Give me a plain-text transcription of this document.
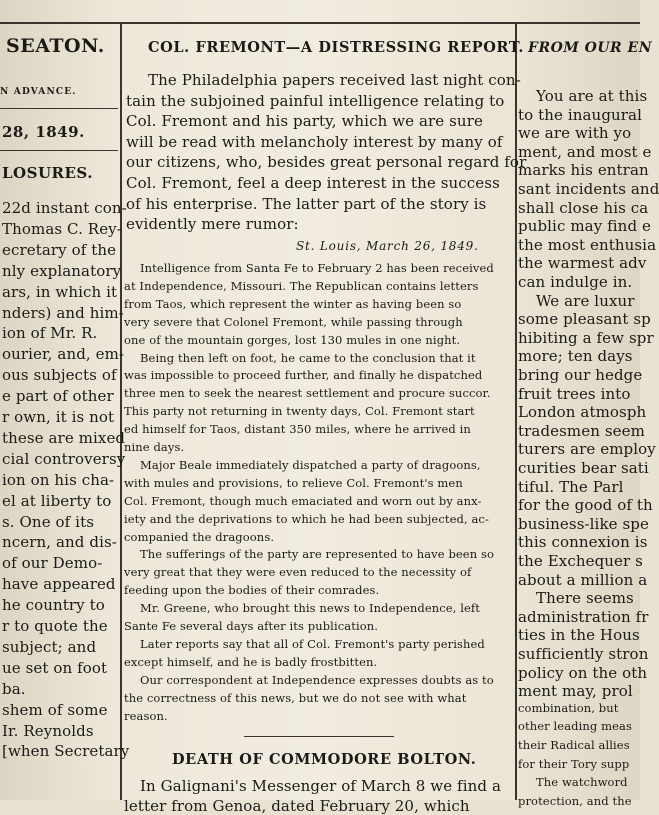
SEATON.
N ADVANCE.
28, 1849.
LOSURES.
22d instant con-
Thomas C. Rey-
ecretary of the
nly explanatory
ars, in which it
nders) and him-
ion of Mr. R.
ourier, and, em-
ous subjects of
e part of other
r own, it is not
these are mixed
cial controversy
ion on his cha-
el at liberty to
s. One of its
ncern, and dis-
of our Demo-
have appeared
he country to
r to quote the
subject; and
ue set on foot
ba.
shem of some
Ir. Reynolds
[when Secretary
COL. FREMONT—A DISTRESSING REPORT.
The Philadelphia papers received last night con-
tain the subjoined painful intelligence relating to
Col. Fremont and his party, which we are sure
will be read with melancholy interest by many of
our citizens, who, besides great personal regard for
Col. Fremont, feel a deep interest in the success
of his enterprise. The latter part of the story is
evidently mere rumor:
St. Louis, March 26, 1849.
Intelligence from Santa Fe to February 2 has been received
at Independence, Missouri. The Republican contains letters
from Taos, which represent the winter as having been so
very severe that Colonel Fremont, while passing through
one of the mountain gorges, lost 130 mules in one night.
Being then left on foot, he came to the conclusion that it
was impossible to proceed further, and finally he dispatched
three men to seek the nearest settlement and procure succor.
This party not returning in twenty days, Col. Fremont start
ed himself for Taos, distant 350 miles, where he arrived in
nine days.
Major Beale immediately dispatched a party of dragoons,
with mules and provisions, to relieve Col. Fremont's men
Col. Fremont, though much emaciated and worn out by anx-
iety and the deprivations to which he had been subjected, ac-
companied the dragoons.
The sufferings of the party are represented to have been so
very great that they were even reduced to the necessity of
feeding upon the bodies of their comrades.
Mr. Greene, who brought this news to Independence, left
Sante Fe several days after its publication.
Later reports say that all of Col. Fremont's party perished
except himself, and he is badly frostbitten.
Our correspondent at Independence expresses doubts as to
the correctness of this news, but we do not see with what
reason.
DEATH OF COMMODORE BOLTON.
In Galignani's Messenger of March 8 we find a
letter from Genoa, dated February 20, which
FROM OUR EN
You are at this
to the inaugural
we are with yo
ment, and most e
marks his entran
sant incidents and
shall close his ca
public may find e
the most enthusia
the warmest adv
can indulge in.
We are luxur
some pleasant sp
hibiting a few spr
more; ten days
bring our hedge
fruit trees into
London atmosph
tradesmen seem
turers are employ
curities bear sati
tiful. The Parl
for the good of th
business-like spe
this connexion is
the Exchequer s
about a million a
There seems
administration fr
ties in the Hous
sufficiently stron
policy on the oth
ment may, prol
combination, but
other leading meas
their Radical allies
for their Tory supp
The watchword
protection, and the
